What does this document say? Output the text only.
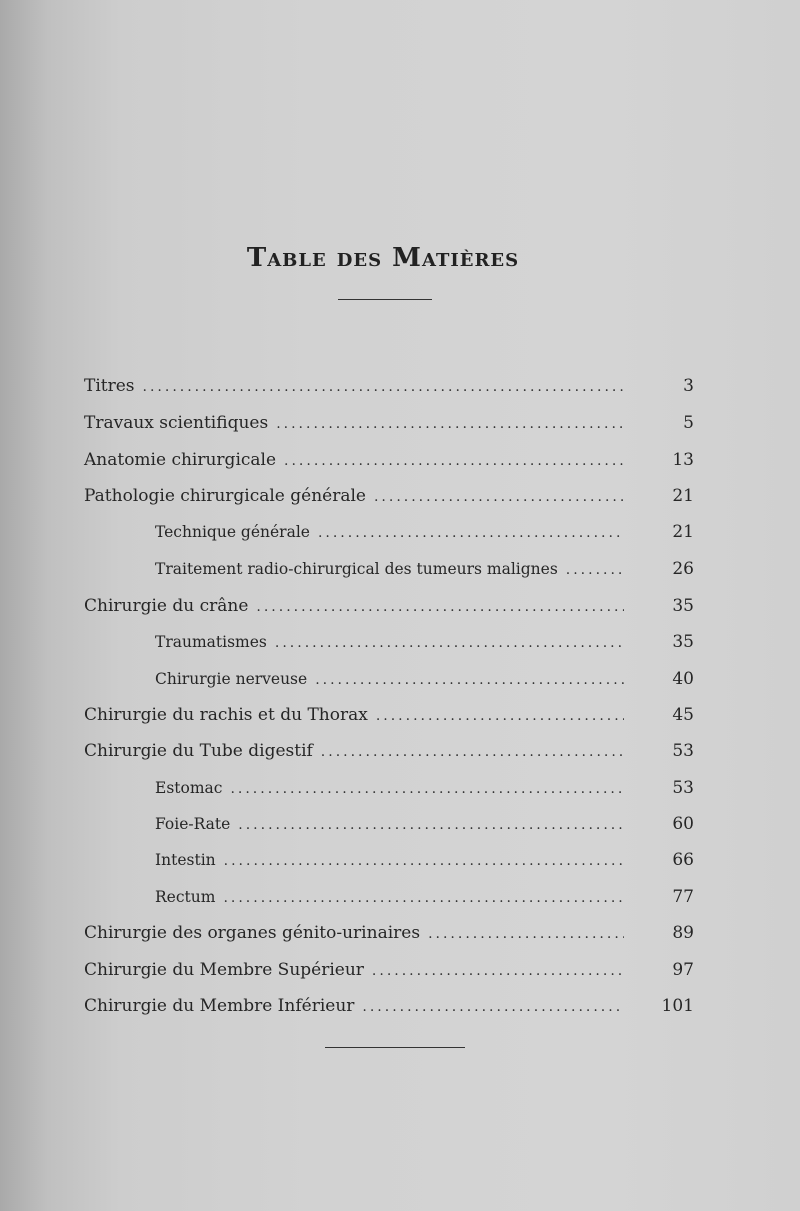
Table des Matières
Titres .....	3
Travaux scientifiques .....	5
Anatomie chirurgicale .....	13
Pathologie chirurgicale générale .....	21
Technique générale .....	21
Traitement radio-chirurgical des tumeurs malignes .....	26
Chirurgie du crâne .....	35
Traumatismes .....	35
Chirurgie nerveuse .....	40
Chirurgie du rachis et du Thorax .....	45
Chirurgie du Tube digestif .....	53
Estomac .....	53
Foie-Rate .....	60
Intestin .....	66
Rectum .....	77
Chirurgie des organes génito-urinaires .....	89
Chirurgie du Membre Supérieur .....	97
Chirurgie du Membre Inférieur .....	101
